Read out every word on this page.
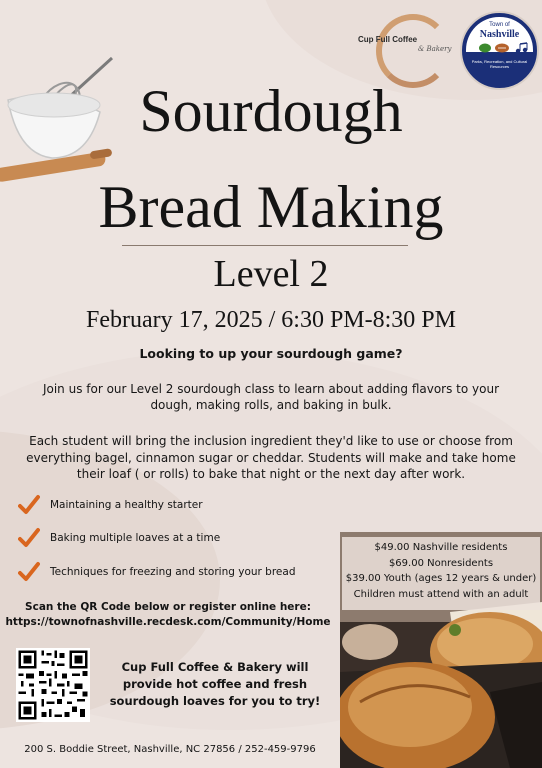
Cup Full Coffee
& Bakery
Town of
Nashville
Parks, Recreation, and Cultural Resources
Sourdough
Bread Making
Level 2
February 17, 2025 / 6:30 PM-8:30 PM
Looking to up your sourdough game?
Join us for our Level 2 sourdough class to learn about adding flavors to your dough, making rolls, and baking in bulk.
Each student will bring the inclusion ingredient they'd like to use or choose from everything bagel, cinnamon sugar or cheddar. Students will make and take home their loaf ( or rolls) to bake that night or the next day after work.
Maintaining a healthy starter
Baking multiple loaves at a time
Techniques for freezing and storing your bread
Scan the QR Code below or register online here:
https://townofnashville.recdesk.com/Community/Home
Cup Full Coffee & Bakery will provide hot coffee and fresh sourdough loaves for you to try!
200 S. Boddie Street, Nashville, NC 27856 / 252-459-9796
$49.00 Nashville residents
$69.00 Nonresidents
$39.00 Youth (ages 12 years & under)
Children must attend with an adult
